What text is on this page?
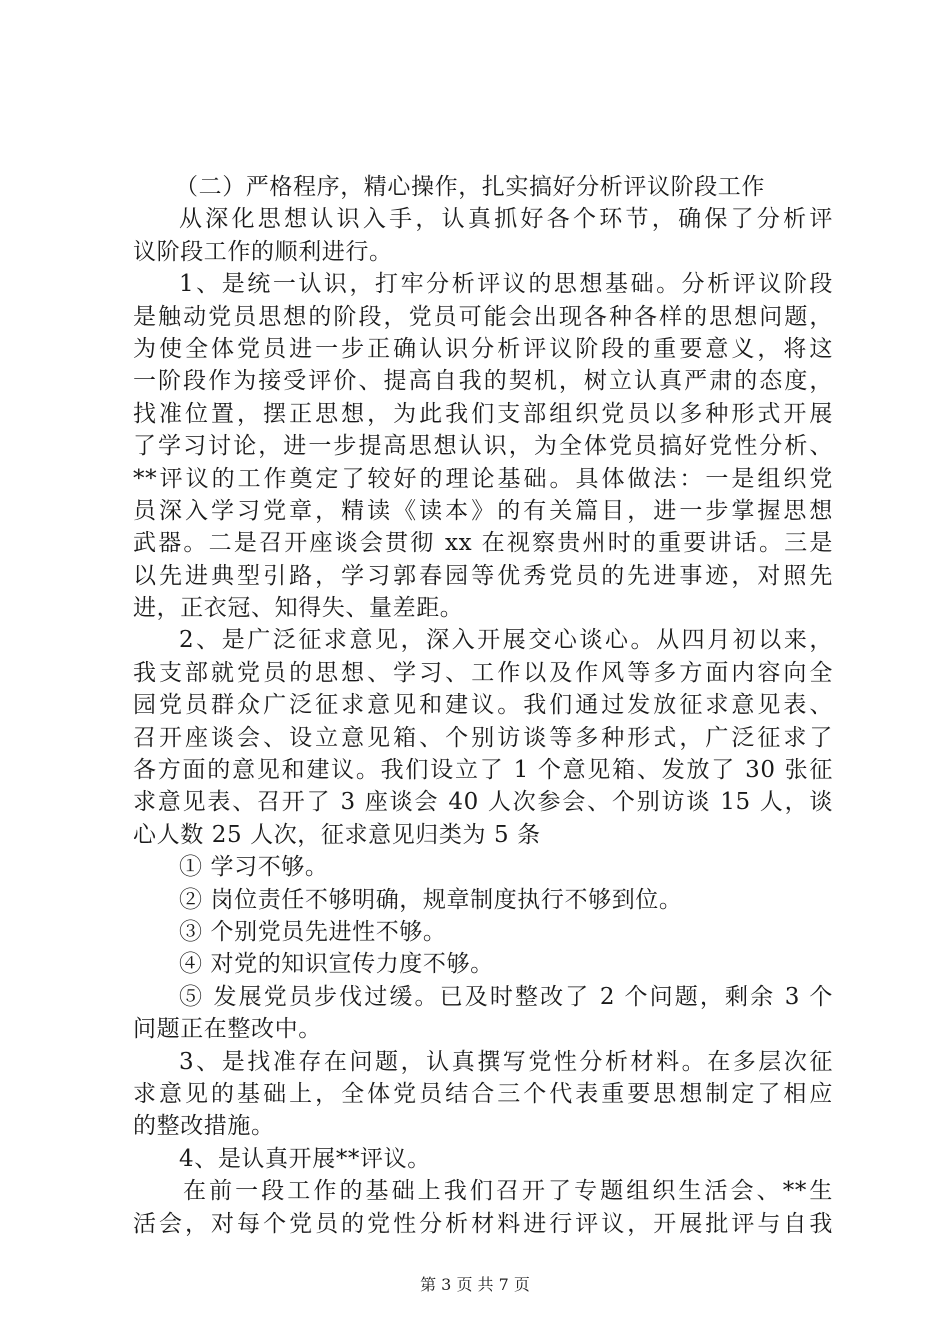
（二）严格程序，精心操作，扎实搞好分析评议阶段工作
从深化思想认识入手，认真抓好各个环节，确保了分析评
议阶段工作的顺利进行。
1、是统一认识，打牢分析评议的思想基础。分析评议阶段
是触动党员思想的阶段，党员可能会出现各种各样的思想问题，
为使全体党员进一步正确认识分析评议阶段的重要意义，将这
一阶段作为接受评价、提高自我的契机，树立认真严肃的态度，
找准位置，摆正思想，为此我们支部组织党员以多种形式开展
了学习讨论，进一步提高思想认识，为全体党员搞好党性分析、
**评议的工作奠定了较好的理论基础。具体做法：一是组织党
员深入学习党章，精读《读本》的有关篇目，进一步掌握思想
武器。二是召开座谈会贯彻 xx 在视察贵州时的重要讲话。三是
以先进典型引路，学习郭春园等优秀党员的先进事迹，对照先
进，正衣冠、知得失、量差距。
2、是广泛征求意见，深入开展交心谈心。从四月初以来，
我支部就党员的思想、学习、工作以及作风等多方面内容向全
园党员群众广泛征求意见和建议。我们通过发放征求意见表、
召开座谈会、设立意见箱、个别访谈等多种形式，广泛征求了
各方面的意见和建议。我们设立了 1 个意见箱、发放了 30 张征
求意见表、召开了 3 座谈会 40 人次参会、个别访谈 15 人，谈
心人数 25 人次，征求意见归类为 5 条
① 学习不够。
② 岗位责任不够明确，规章制度执行不够到位。
③ 个别党员先进性不够。
④ 对党的知识宣传力度不够。
⑤ 发展党员步伐过缓。已及时整改了 2 个问题，剩余 3 个
问题正在整改中。
3、是找准存在问题，认真撰写党性分析材料。在多层次征
求意见的基础上，全体党员结合三个代表重要思想制定了相应
的整改措施。
4、是认真开展**评议。
在前一段工作的基础上我们召开了专题组织生活会、**生
活会，对每个党员的党性分析材料进行评议，开展批评与自我
第 3 页 共 7 页
